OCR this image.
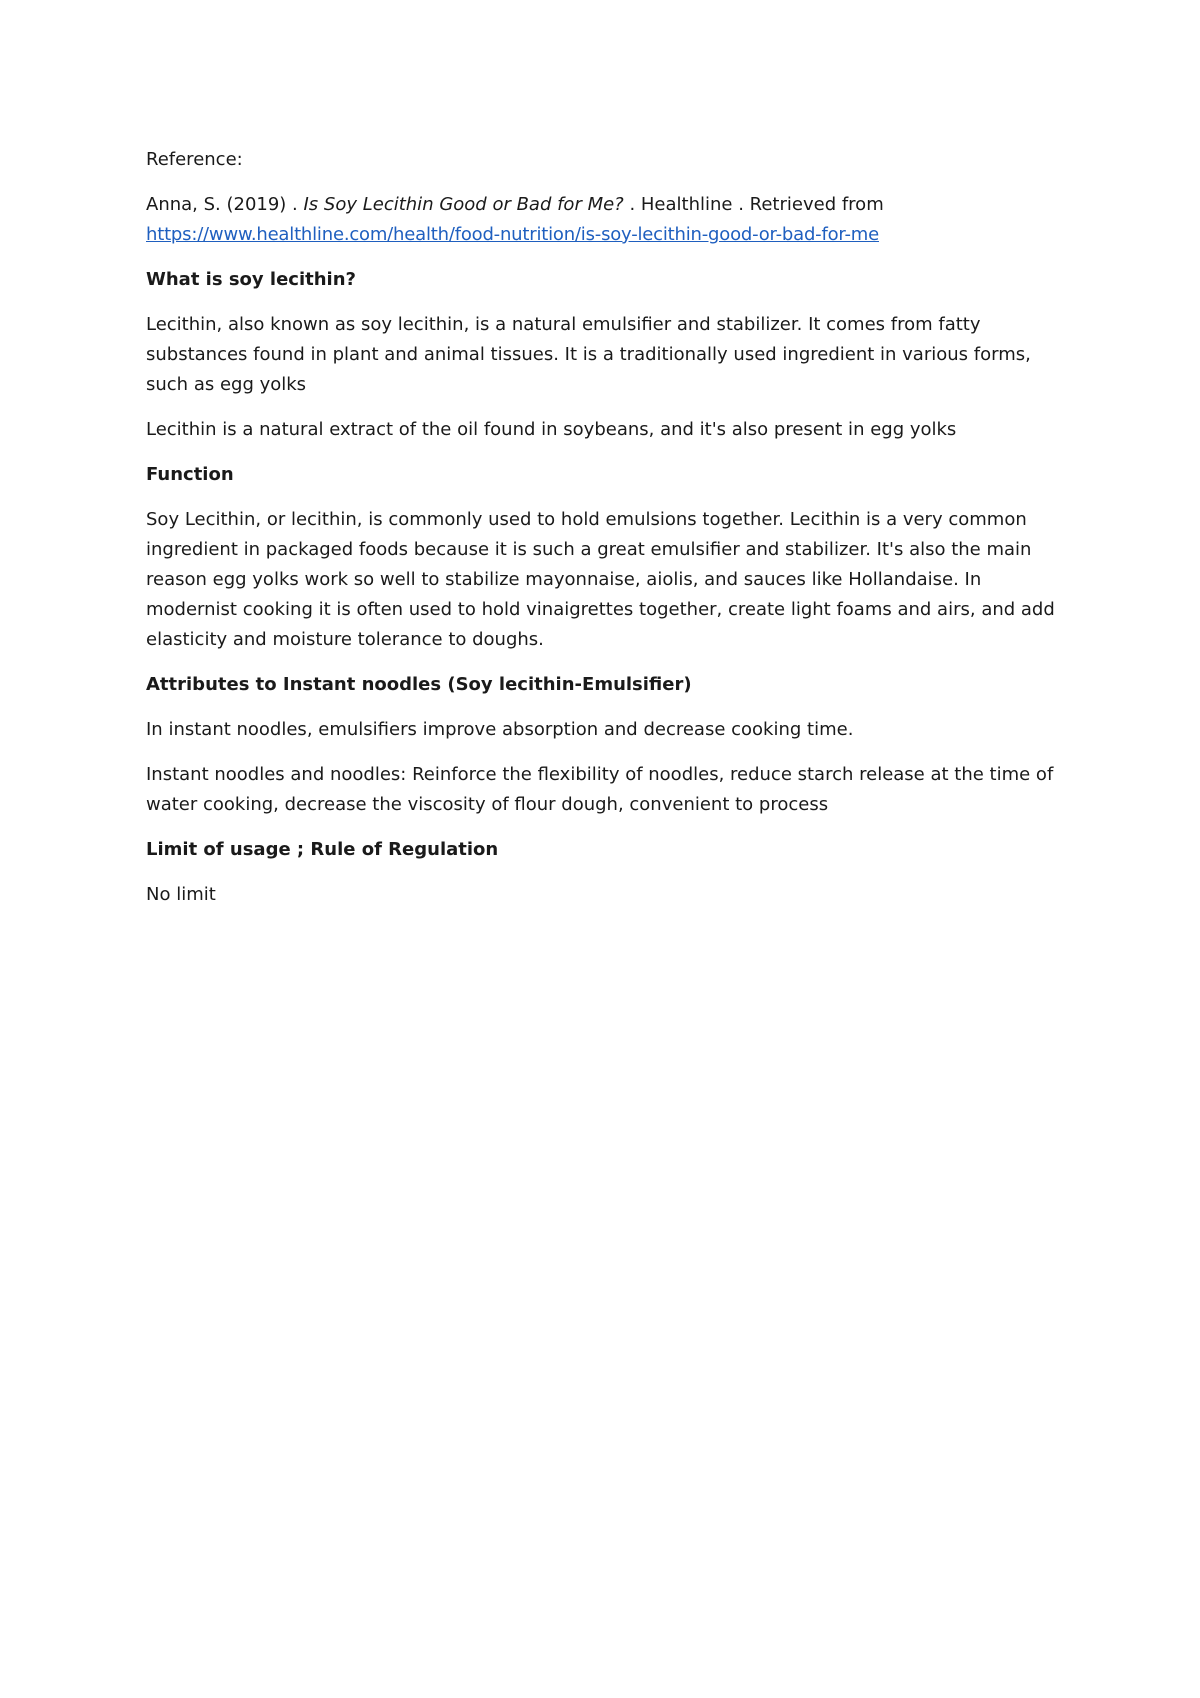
Reference:

Anna, S. (2019) . Is Soy Lecithin Good or Bad for Me? . Healthline . Retrieved from
https://www.healthline.com/health/food-nutrition/is-soy-lecithin-good-or-bad-for-me

What is soy lecithin?

Lecithin, also known as soy lecithin, is a natural emulsifier and stabilizer. It comes from fatty substances found in plant and animal tissues. It is a traditionally used ingredient in various forms, such as egg yolks

Lecithin is a natural extract of the oil found in soybeans, and it's also present in egg yolks

Function

Soy Lecithin, or lecithin, is commonly used to hold emulsions together. Lecithin is a very common ingredient in packaged foods because it is such a great emulsifier and stabilizer. It's also the main reason egg yolks work so well to stabilize mayonnaise, aiolis, and sauces like Hollandaise. In modernist cooking it is often used to hold vinaigrettes together, create light foams and airs, and add elasticity and moisture tolerance to doughs.

Attributes to Instant noodles (Soy lecithin-Emulsifier)

In instant noodles, emulsifiers improve absorption and decrease cooking time.

Instant noodles and noodles: Reinforce the flexibility of noodles, reduce starch release at the time of water cooking, decrease the viscosity of flour dough, convenient to process

Limit of usage ; Rule of Regulation

No limit
